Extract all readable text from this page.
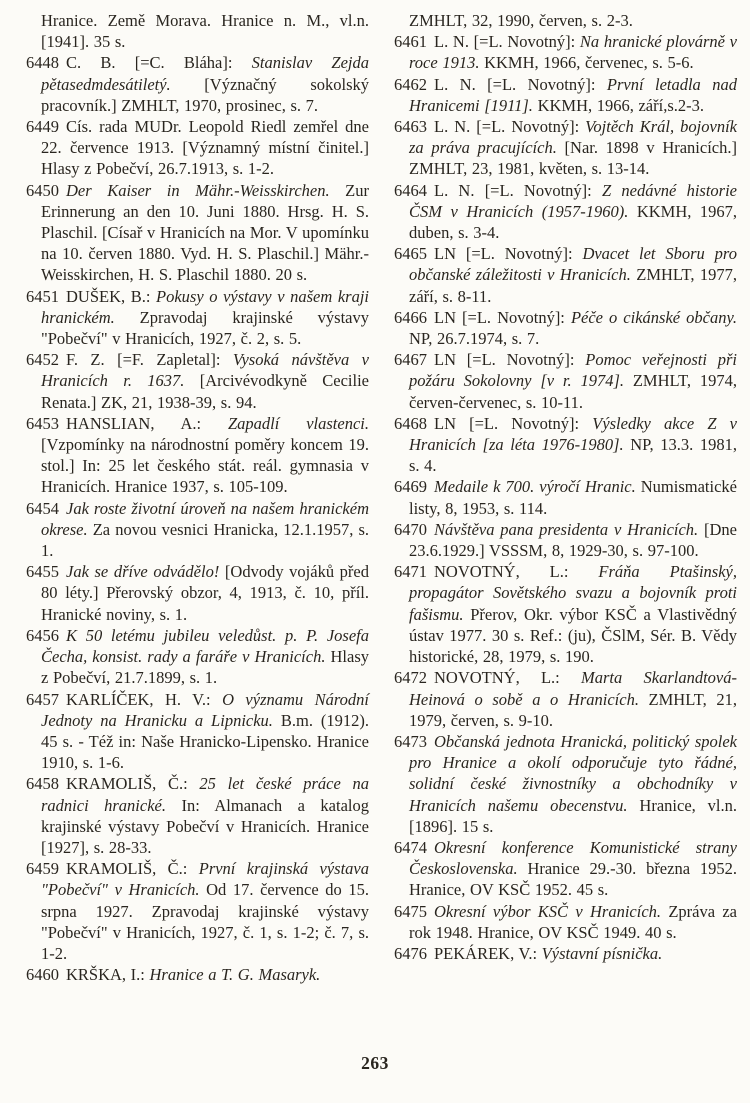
Hranice. Země Morava. Hranice n. M., vl.n. [1941]. 35 s.

6448 C. B. [=C. Bláha]: Stanislav Zejda pětasedmdesátiletý. [Význačný sokolský pracovník.] ZMHLT, 1970, prosinec, s. 7.

6449 Cís. rada MUDr. Leopold Riedl zemřel dne 22. července 1913. [Významný místní činitel.] Hlasy z Pobečví, 26.7.1913, s. 1-2.

6450 Der Kaiser in Mähr.-Weisskirchen. Zur Erinnerung an den 10. Juni 1880. Hrsg. H. S. Plaschil. [Císař v Hranicích na Mor. V upomínku na 10. červen 1880. Vyd. H. S. Plaschil.] Mähr.-Weisskirchen, H. S. Plaschil 1880. 20 s.

6451 DUŠEK, B.: Pokusy o výstavy v našem kraji hranickém. Zpravodaj krajinské výstavy "Pobečví" v Hranicích, 1927, č. 2, s. 5.

6452 F. Z. [=F. Zapletal]: Vysoká návštěva v Hranicích r. 1637. [Arcivévodkyně Cecilie Renata.] ZK, 21, 1938-39, s. 94.

6453 HANSLIAN, A.: Zapadlí vlastenci. [Vzpomínky na národnostní poměry koncem 19. stol.] In: 25 let českého stát. reál. gymnasia v Hranicích. Hranice 1937, s. 105-109.

6454 Jak roste životní úroveň na našem hranickém okrese. Za novou vesnici Hranicka, 12.1.1957, s. 1.

6455 Jak se dříve odvádělo! [Odvody vojáků před 80 léty.] Přerovský obzor, 4, 1913, č. 10, příl. Hranické noviny, s. 1.

6456 K 50 letému jubileu veledůst. p. P. Josefa Čecha, konsist. rady a faráře v Hranicích. Hlasy z Pobečví, 21.7.1899, s. 1.

6457 KARLÍČEK, H. V.: O významu Národní Jednoty na Hranicku a Lipnicku. B.m. (1912). 45 s. - Též in: Naše Hranicko-Lipensko. Hranice 1910, s. 1-6.

6458 KRAMOLIŠ, Č.: 25 let české práce na radnici hranické. In: Almanach a katalog krajinské výstavy Pobečví v Hranicích. Hranice [1927], s. 28-33.

6459 KRAMOLIŠ, Č.: První krajinská výstava "Pobečví" v Hranicích. Od 17. července do 15. srpna 1927. Zpravodaj krajinské výstavy "Pobečví" v Hranicích, 1927, č. 1, s. 1-2; č. 7, s. 1-2.

6460 KRŠKA, I.: Hranice a T. G. Masaryk.

ZMHLT, 32, 1990, červen, s. 2-3.

6461 L. N. [=L. Novotný]: Na hranické plovárně v roce 1913. KKMH, 1966, červenec, s. 5-6.

6462 L. N. [=L. Novotný]: První letadla nad Hranicemi [1911]. KKMH, 1966, září,s.2-3.

6463 L. N. [=L. Novotný]: Vojtěch Král, bojovník za práva pracujících. [Nar. 1898 v Hranicích.] ZMHLT, 23, 1981, květen, s. 13-14.

6464 L. N. [=L. Novotný]: Z nedávné historie ČSM v Hranicích (1957-1960). KKMH, 1967, duben, s. 3-4.

6465 LN [=L. Novotný]: Dvacet let Sboru pro občanské záležitosti v Hranicích. ZMHLT, 1977, září, s. 8-11.

6466 LN [=L. Novotný]: Péče o cikánské občany. NP, 26.7.1974, s. 7.

6467 LN [=L. Novotný]: Pomoc veřejnosti při požáru Sokolovny [v r. 1974]. ZMHLT, 1974, červen-červenec, s. 10-11.

6468 LN [=L. Novotný]: Výsledky akce Z v Hranicích [za léta 1976-1980]. NP, 13.3. 1981, s. 4.

6469 Medaile k 700. výročí Hranic. Numismatické listy, 8, 1953, s. 114.

6470 Návštěva pana presidenta v Hranicích. [Dne 23.6.1929.] VSSSM, 8, 1929-30, s. 97-100.

6471 NOVOTNÝ, L.: Fráňa Ptašinský, propagátor Sovětského svazu a bojovník proti fašismu. Přerov, Okr. výbor KSČ a Vlastivědný ústav 1977. 30 s. Ref.: (ju), ČSlM, Sér. B. Vědy historické, 28, 1979, s. 190.

6472 NOVOTNÝ, L.: Marta Skarlandtová-Heinová o sobě a o Hranicích. ZMHLT, 21, 1979, červen, s. 9-10.

6473 Občanská jednota Hranická, politický spolek pro Hranice a okolí odporučuje tyto řádné, solidní české živnostníky a obchodníky v Hranicích našemu obecenstvu. Hranice, vl.n. [1896]. 15 s.

6474 Okresní konference Komunistické strany Československa. Hranice 29.-30. března 1952. Hranice, OV KSČ 1952. 45 s.

6475 Okresní výbor KSČ v Hranicích. Zpráva za rok 1948. Hranice, OV KSČ 1949. 40 s.

6476 PEKÁREK, V.: Výstavní písnička.

263
